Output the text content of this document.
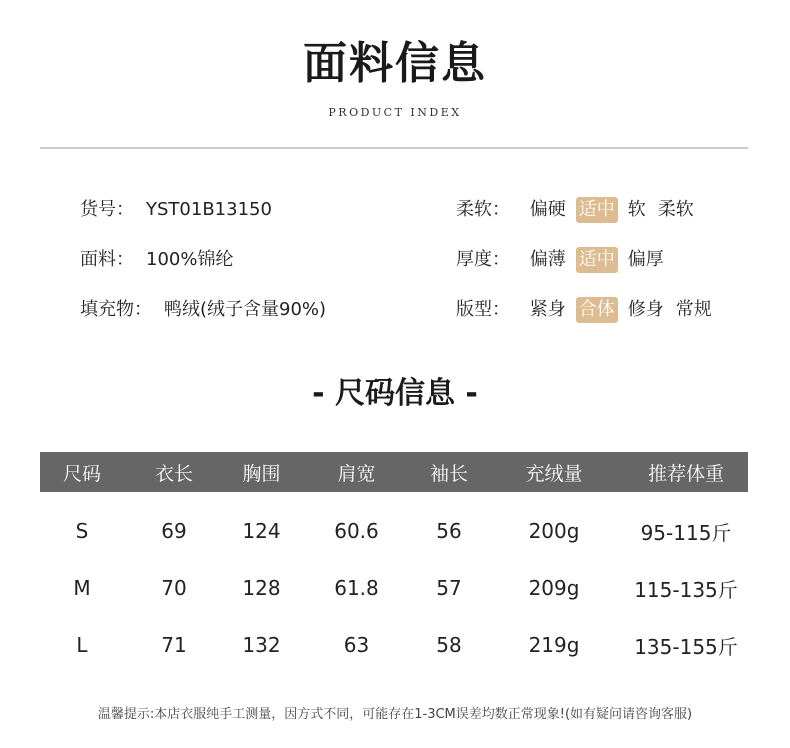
面料信息
PRODUCT INDEX
货号： YST01B13150
面料： 100%锦纶
填充物： 鸭绒(绒子含量90%)
柔软： 偏硬 适中 软 柔软
厚度： 偏薄 适中 偏厚
版型： 紧身 合体 修身 常规
- 尺码信息 -
尺码	衣长	胸围	肩宽	袖长	充绒量	推荐体重
S	69	124	60.6	56	200g	95-115斤
M	70	128	61.8	57	209g	115-135斤
L	71	132	63	58	219g	135-155斤
温馨提示:本店衣服纯手工测量，因方式不同，可能存在1-3CM误差均数正常现象!(如有疑问请咨询客服)
